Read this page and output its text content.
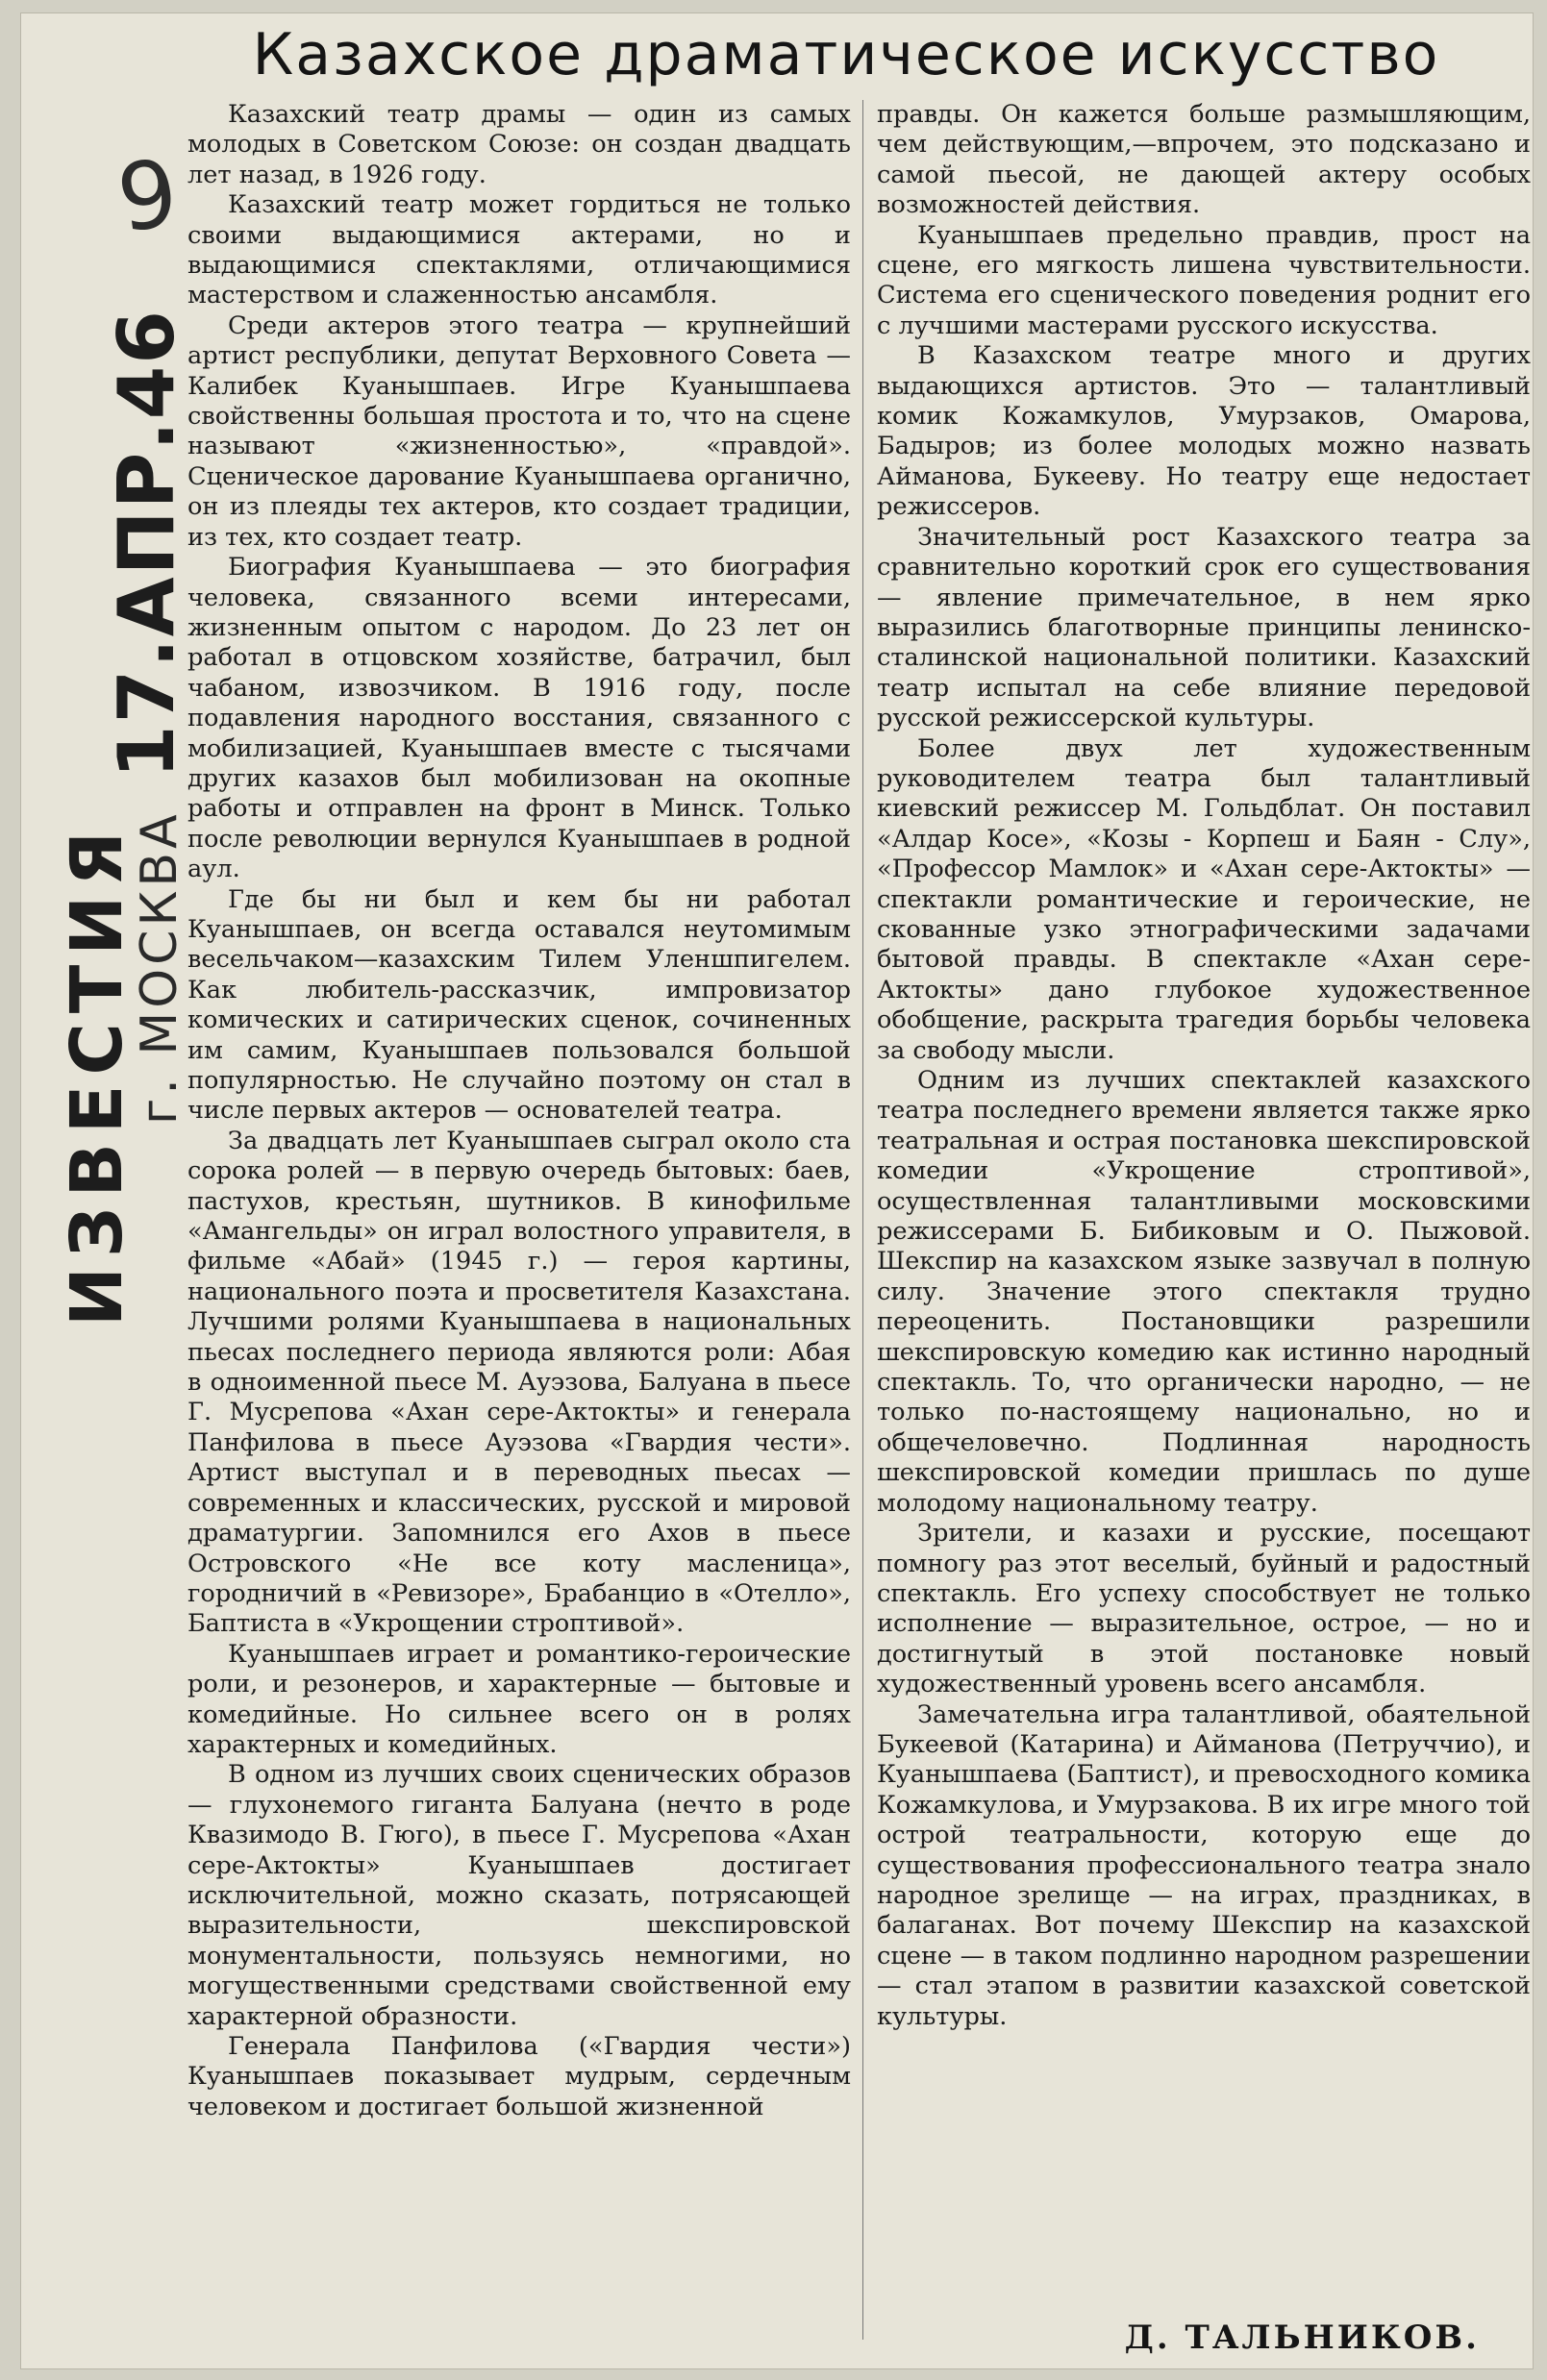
9
17.АПР.46
г. МОСКВА
ИЗВЕСТИЯ
Казахское драматическое искусство

Казахский театр драмы — один из самых молодых в Советском Союзе: он создан двадцать лет назад, в 1926 году.

Казахский театр может гордиться не только своими выдающимися актерами, но и выдающимися спектаклями, отличающимися мастерством и слаженностью ансамбля.

Среди актеров этого театра — крупнейший артист республики, депутат Верховного Совета — Калибек Куанышпаев. Игре Куанышпаева свойственны большая простота и то, что на сцене называют «жизненностью», «правдой». Сценическое дарование Куанышпаева органично, он из плеяды тех актеров, кто создает традиции, из тех, кто создает театр.

Биография Куанышпаева — это биография человека, связанного всеми интересами, жизненным опытом с народом. До 23 лет он работал в отцовском хозяйстве, батрачил, был чабаном, извозчиком. В 1916 году, после подавления народного восстания, связанного с мобилизацией, Куанышпаев вместе с тысячами других казахов был мобилизован на окопные работы и отправлен на фронт в Минск. Только после революции вернулся Куанышпаев в родной аул.

Где бы ни был и кем бы ни работал Куанышпаев, он всегда оставался неутомимым весельчаком—казахским Тилем Уленшпигелем. Как любитель-рассказчик, импровизатор комических и сатирических сценок, сочиненных им самим, Куанышпаев пользовался большой популярностью. Не случайно поэтому он стал в числе первых актеров — основателей театра.

За двадцать лет Куанышпаев сыграл около ста сорока ролей — в первую очередь бытовых: баев, пастухов, крестьян, шутников. В кинофильме «Амангельды» он играл волостного управителя, в фильме «Абай» (1945 г.) — героя картины, национального поэта и просветителя Казахстана. Лучшими ролями Куанышпаева в национальных пьесах последнего периода являются роли: Абая в одноименной пьесе М. Ауэзова, Балуана в пьесе Г. Мусрепова «Ахан сере-Актокты» и генерала Панфилова в пьесе Ауэзова «Гвардия чести». Артист выступал и в переводных пьесах — современных и классических, русской и мировой драматургии. Запомнился его Ахов в пьесе Островского «Не все коту масленица», городничий в «Ревизоре», Брабанцио в «Отелло», Баптиста в «Укрощении строптивой».

Куанышпаев играет и романтико-героические роли, и резонеров, и характерные — бытовые и комедийные. Но сильнее всего он в ролях характерных и комедийных.

В одном из лучших своих сценических образов — глухонемого гиганта Балуана (нечто в роде Квазимодо В. Гюго), в пьесе Г. Мусрепова «Ахан сере-Актокты» Куанышпаев достигает исключительной, можно сказать, потрясающей выразительности, шекспировской монументальности, пользуясь немногими, но могущественными средствами свойственной ему характерной образности.

Генерала Панфилова («Гвардия чести») Куанышпаев показывает мудрым, сердечным человеком и достигает большой жизненной

правды. Он кажется больше размышляющим, чем действующим,—впрочем, это подсказано и самой пьесой, не дающей актеру особых возможностей действия.

Куанышпаев предельно правдив, прост на сцене, его мягкость лишена чувствительности. Система его сценического поведения роднит его с лучшими мастерами русского искусства.

В Казахском театре много и других выдающихся артистов. Это — талантливый комик Кожамкулов, Умурзаков, Омарова, Бадыров; из более молодых можно назвать Айманова, Букееву. Но театру еще недостает режиссеров.

Значительный рост Казахского театра за сравнительно короткий срок его существования — явление примечательное, в нем ярко выразились благотворные принципы ленинско-сталинской национальной политики. Казахский театр испытал на себе влияние передовой русской режиссерской культуры.

Более двух лет художественным руководителем театра был талантливый киевский режиссер М. Гольдблат. Он поставил «Алдар Косе», «Козы - Корпеш и Баян - Слу», «Профессор Мамлок» и «Ахан сере-Актокты» — спектакли романтические и героические, не скованные узко этнографическими задачами бытовой правды. В спектакле «Ахан сере-Актокты» дано глубокое художественное обобщение, раскрыта трагедия борьбы человека за свободу мысли.

Одним из лучших спектаклей казахского театра последнего времени является также ярко театральная и острая постановка шекспировской комедии «Укрощение строптивой», осуществленная талантливыми московскими режиссерами Б. Бибиковым и О. Пыжовой. Шекспир на казахском языке зазвучал в полную силу. Значение этого спектакля трудно переоценить. Постановщики разрешили шекспировскую комедию как истинно народный спектакль. То, что органически народно, — не только по-настоящему национально, но и общечеловечно. Подлинная народность шекспировской комедии пришлась по душе молодому национальному театру.

Зрители, и казахи и русские, посещают помногу раз этот веселый, буйный и радостный спектакль. Его успеху способствует не только исполнение — выразительное, острое, — но и достигнутый в этой постановке новый художественный уровень всего ансамбля.

Замечательна игра талантливой, обаятельной Букеевой (Катарина) и Айманова (Петруччио), и Куанышпаева (Баптист), и превосходного комика Кожамкулова, и Умурзакова. В их игре много той острой театральности, которую еще до существования профессионального театра знало народное зрелище — на играх, праздниках, в балаганах. Вот почему Шекспир на казахской сцене — в таком подлинно народном разрешении — стал этапом в развитии казахской советской культуры.

Д. ТАЛЬНИКОВ.
